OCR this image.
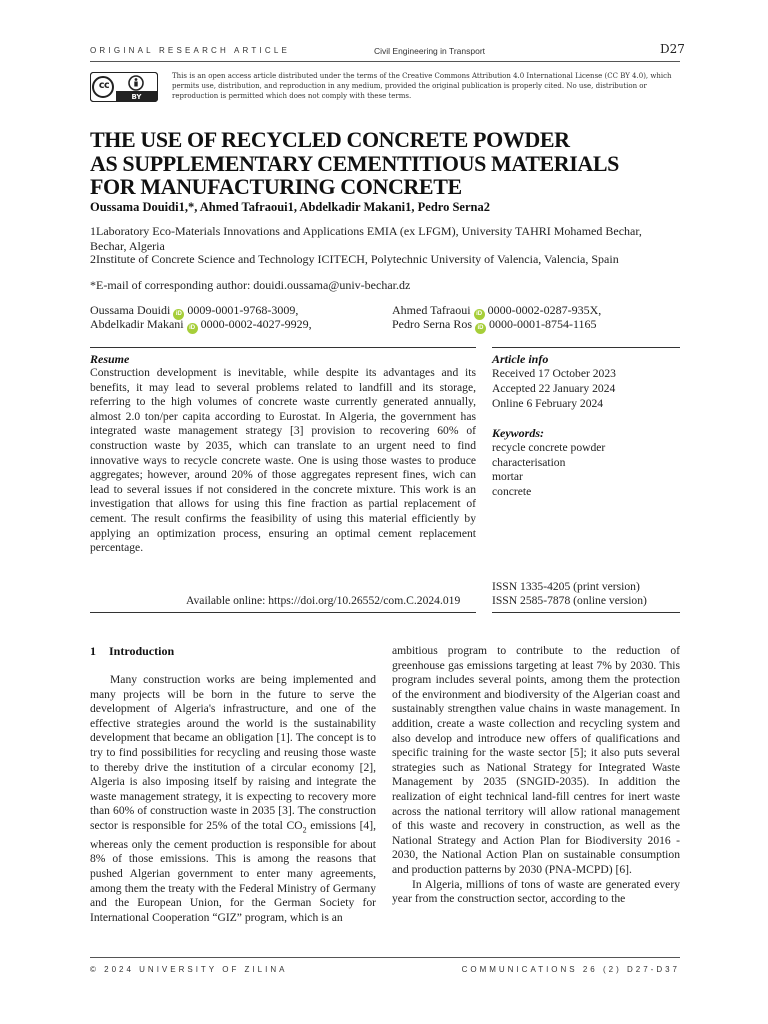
ORIGINAL RESEARCH ARTICLE	Civil Engineering in Transport	D27
cc
BY
This is an open access article distributed under the terms of the Creative Commons Attribution 4.0 International License (CC BY 4.0), which permits use, distribution, and reproduction in any medium, provided the original publication is properly cited. No use, distribution or reproduction is permitted which does not comply with these terms.
THE USE OF RECYCLED CONCRETE POWDER
AS SUPPLEMENTARY CEMENTITIOUS MATERIALS
FOR MANUFACTURING CONCRETE
Oussama Douidi1,*, Ahmed Tafraoui1, Abdelkadir Makani1, Pedro Serna2
1Laboratory Eco-Materials Innovations and Applications EMIA (ex LFGM), University TAHRI Mohamed Bechar, Bechar, Algeria
2Institute of Concrete Science and Technology ICITECH, Polytechnic University of Valencia, Valencia, Spain
*E-mail of corresponding author: douidi.oussama@univ-bechar.dz
Oussama Douidi iD 0009-0001-9768-3009,	Ahmed Tafraoui iD 0000-0002-0287-935X,
Abdelkadir Makani iD 0000-0002-4027-9929,	Pedro Serna Ros iD 0000-0001-8754-1165
Resume
Construction development is inevitable, while despite its advantages and its benefits, it may lead to several problems related to landfill and its storage, referring to the high volumes of concrete waste currently generated annually, almost 2.0 ton/per capita according to Eurostat. In Algeria, the government has integrated waste management strategy [3] provision to recovering 60% of construction waste by 2035, which can translate to an urgent need to find innovative ways to recycle concrete waste. One is using those wastes to produce aggregates; however, around 20% of those aggregates represent fines, wich can lead to several issues if not considered in the concrete mixture. This work is an investigation that allows for using this fine fraction as partial replacement of cement. The result confirms the feasibility of using this material efficiently by applying an optimization process, ensuring an optimal cement replacement percentage.
Available online: https://doi.org/10.26552/com.C.2024.019
Article info
Received 17 October 2023
Accepted 22 January 2024
Online 6 February 2024
Keywords:
recycle concrete powder
characterisation
mortar
concrete
ISSN 1335-4205 (print version)
ISSN 2585-7878 (online version)
1 Introduction

Many construction works are being implemented and many projects will be born in the future to serve the development of Algeria's infrastructure, and one of the effective strategies around the world is the sustainability development that became an obligation [1]. The concept is to try to find possibilities for recycling and reusing those waste to thereby drive the institution of a circular economy [2], Algeria is also imposing itself by raising and integrate the waste management strategy, it is expecting to recovery more than 60% of construction waste in 2035 [3]. The construction sector is responsible for 25% of the total $CO_2$ emissions [4], whereas only the cement production is responsible for about 8% of those emissions. This is among the reasons that pushed Algerian government to enter many agreements, among them the treaty with the Federal Ministry of Germany and the European Union, for the German Society for International Cooperation “GIZ” program, which is an

ambitious program to contribute to the reduction of greenhouse gas emissions targeting at least 7% by 2030. This program includes several points, among them the protection of the environment and biodiversity of the Algerian coast and sustainably strengthen value chains in waste management. In addition, create a waste collection and recycling system and also develop and introduce new offers of qualifications and specific training for the waste sector [5]; it also puts several strategies such as National Strategy for Integrated Waste Management by 2035 (SNGID-2035). In addition the realization of eight technical land-fill centres for inert waste across the national territory will allow rational management of this waste and recovery in construction, as well as the National Strategy and Action Plan for Biodiversity 2016 - 2030, the National Action Plan on sustainable consumption and production patterns by 2030 (PNA-MCPD) [6].

In Algeria, millions of tons of waste are generated every year from the construction sector, according to the

© 2024 UNIVERSITY OF ZILINA	COMMUNICATIONS 26 (2) D27-D37
